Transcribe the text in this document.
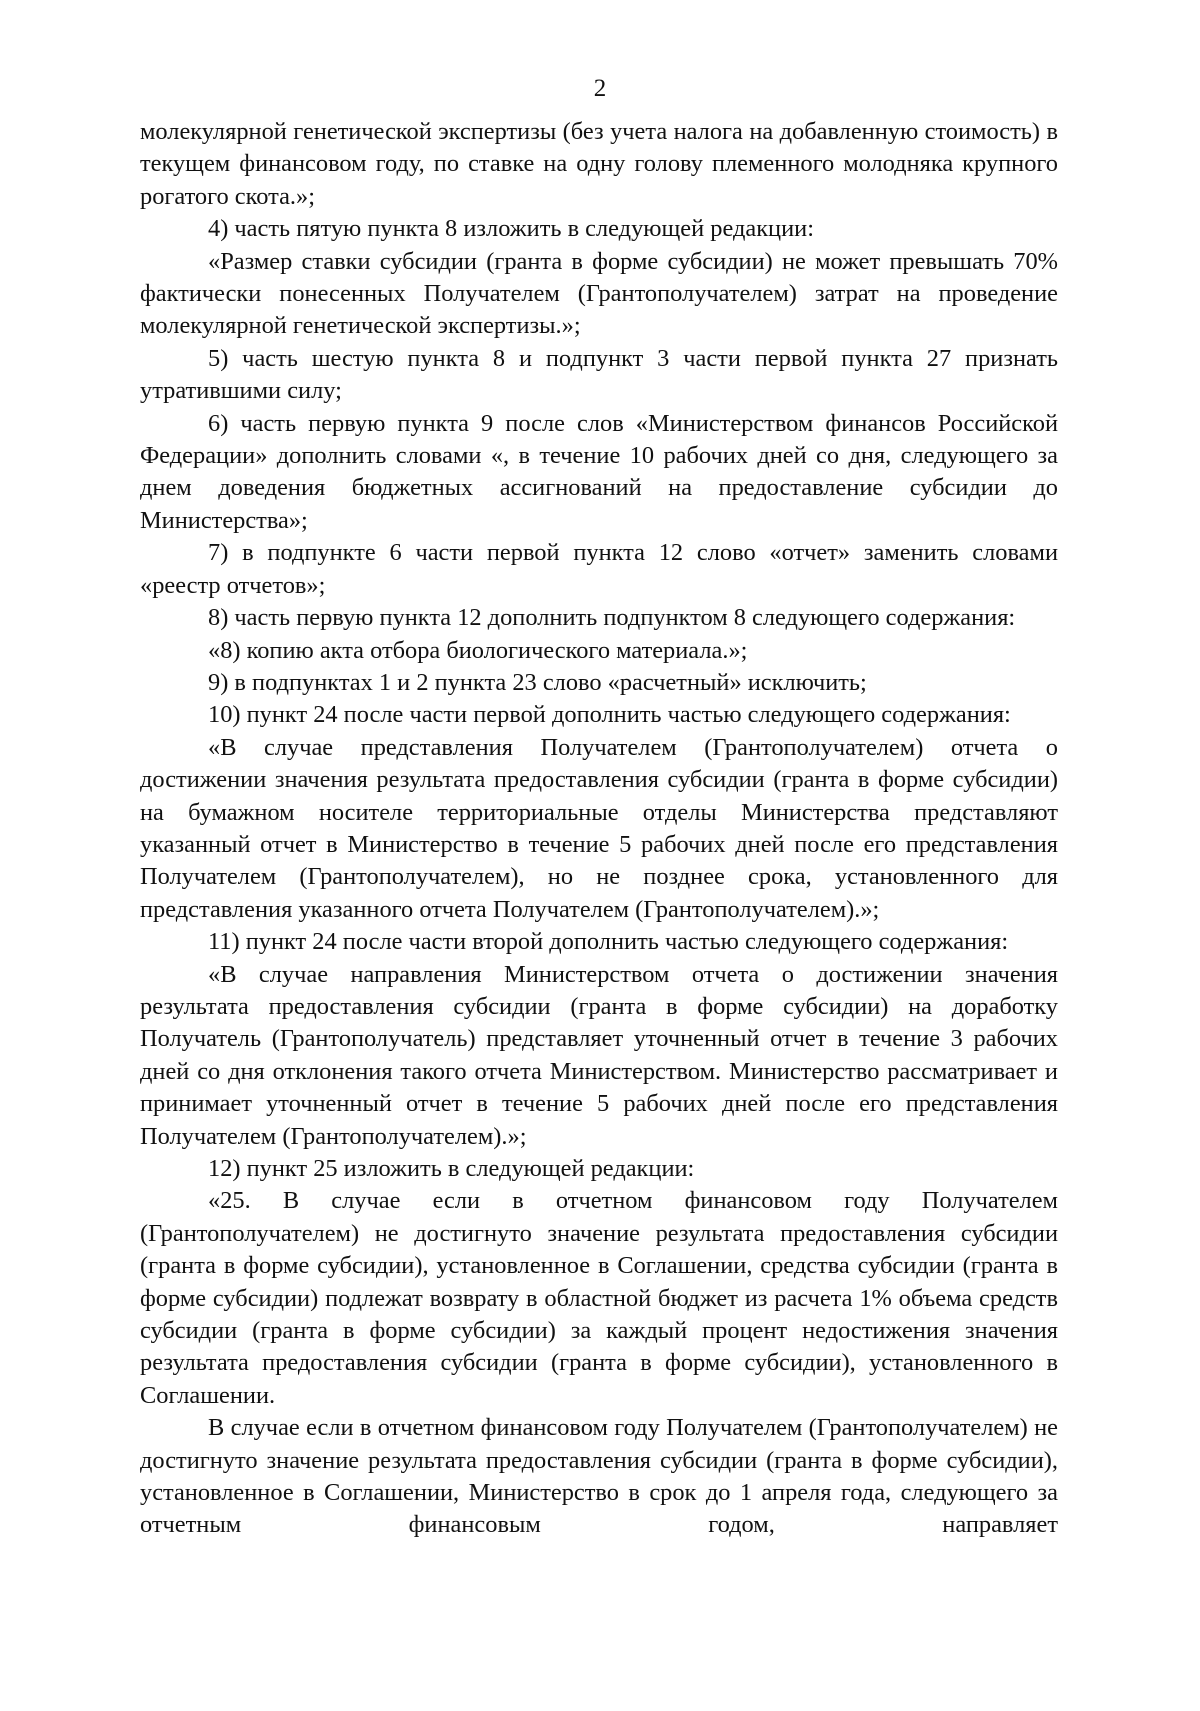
2

молекулярной генетической экспертизы (без учета налога на добавленную стоимость) в текущем финансовом году, по ставке на одну голову племенного молодняка крупного рогатого скота.»;

4) часть пятую пункта 8 изложить в следующей редакции:

«Размер ставки субсидии (гранта в форме субсидии) не может превышать 70% фактически понесенных Получателем (Грантополучателем) затрат на проведение молекулярной генетической экспертизы.»;

5) часть шестую пункта 8 и подпункт 3 части первой пункта 27 признать утратившими силу;

6) часть первую пункта 9 после слов «Министерством финансов Российской Федерации» дополнить словами «, в течение 10 рабочих дней со дня, следующего за днем доведения бюджетных ассигнований на предоставление субсидии до Министерства»;

7) в подпункте 6 части первой пункта 12 слово «отчет» заменить словами «реестр отчетов»;

8) часть первую пункта 12 дополнить подпунктом 8 следующего содержания:

«8) копию акта отбора биологического материала.»;

9) в подпунктах 1 и 2 пункта 23 слово «расчетный» исключить;

10) пункт 24 после части первой дополнить частью следующего содержания:

«В случае представления Получателем (Грантополучателем) отчета о достижении значения результата предоставления субсидии (гранта в форме субсидии) на бумажном носителе территориальные отделы Министерства представляют указанный отчет в Министерство в течение 5 рабочих дней после его представления Получателем (Грантополучателем), но не позднее срока, установленного для представления указанного отчета Получателем (Грантополучателем).»;

11) пункт 24 после части второй дополнить частью следующего содержания:

«В случае направления Министерством отчета о достижении значения результата предоставления субсидии (гранта в форме субсидии) на доработку Получатель (Грантополучатель) представляет уточненный отчет в течение 3 рабочих дней со дня отклонения такого отчета Министерством. Министерство рассматривает и принимает уточненный отчет в течение 5 рабочих дней после его представления Получателем (Грантополучателем).»;

12) пункт 25 изложить в следующей редакции:

«25. В случае если в отчетном финансовом году Получателем (Грантополучателем) не достигнуто значение результата предоставления субсидии (гранта в форме субсидии), установленное в Соглашении, средства субсидии (гранта в форме субсидии) подлежат возврату в областной бюджет из расчета 1% объема средств субсидии (гранта в форме субсидии) за каждый процент недостижения значения результата предоставления субсидии (гранта в форме субсидии), установленного в Соглашении.

В случае если в отчетном финансовом году Получателем (Грантополучателем) не достигнуто значение результата предоставления субсидии (гранта в форме субсидии), установленное в Соглашении, Министерство в срок до 1 апреля года, следующего за отчетным финансовым годом, направляет
